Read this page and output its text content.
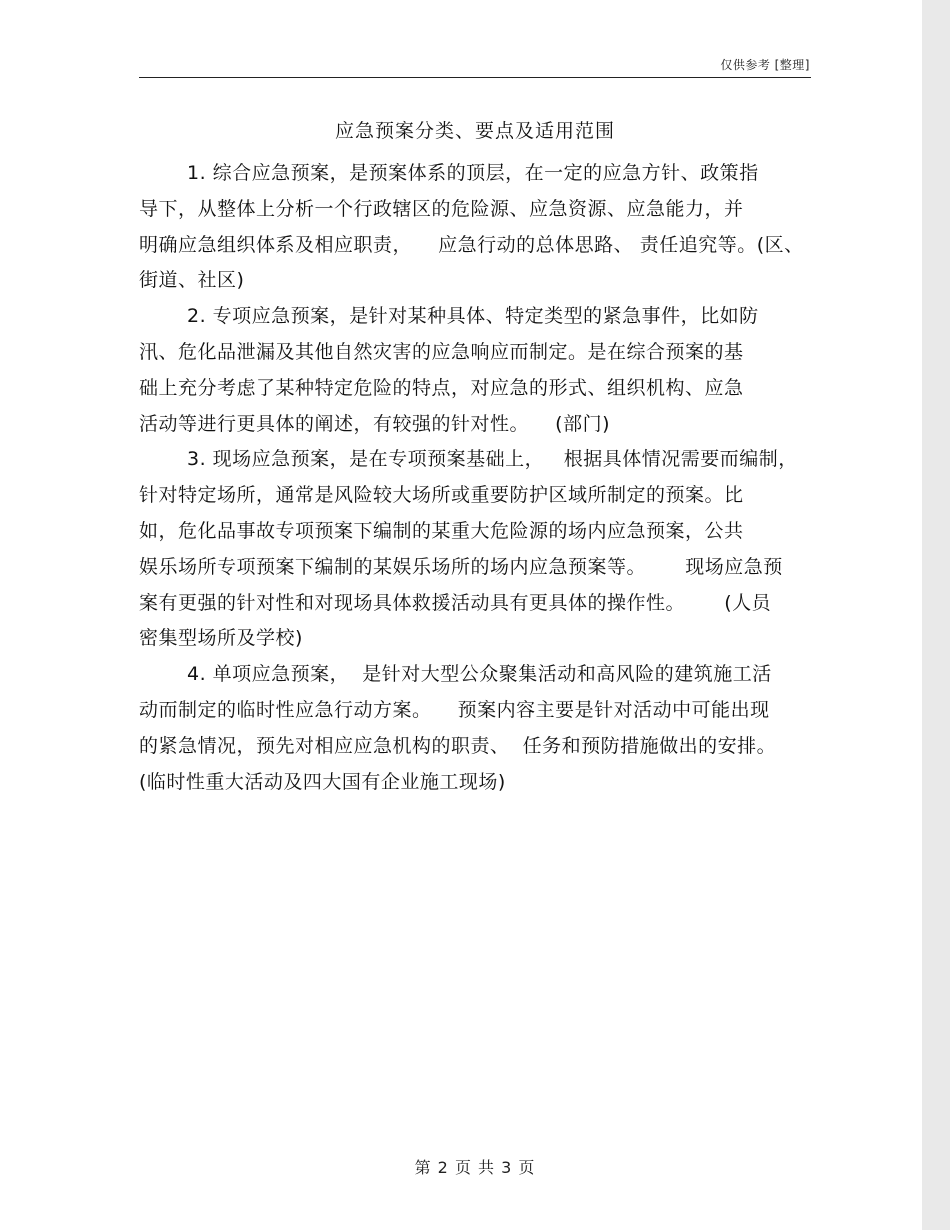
仅供参考 [整理]
应急预案分类、要点及适用范围
1. 综合应急预案，是预案体系的顶层，在一定的应急方针、政策指
导下，从整体上分析一个行政辖区的危险源、应急资源、应急能力，并
明确应急组织体系及相应职责，    应急行动的总体思路、 责任追究等。(区、
街道、社区)
2. 专项应急预案，是针对某种具体、特定类型的紧急事件，比如防
汛、危化品泄漏及其他自然灾害的应急响应而制定。是在综合预案的基
础上充分考虑了某种特定危险的特点，对应急的形式、组织机构、应急
活动等进行更具体的阐述，有较强的针对性。    (部门)
3. 现场应急预案，是在专项预案基础上，   根据具体情况需要而编制，
针对特定场所，通常是风险较大场所或重要防护区域所制定的预案。比
如，危化品事故专项预案下编制的某重大危险源的场内应急预案，公共
娱乐场所专项预案下编制的某娱乐场所的场内应急预案等。      现场应急预
案有更强的针对性和对现场具体救援活动具有更具体的操作性。      (人员
密集型场所及学校)
4. 单项应急预案，  是针对大型公众聚集活动和高风险的建筑施工活
动而制定的临时性应急行动方案。    预案内容主要是针对活动中可能出现
的紧急情况，预先对相应应急机构的职责、  任务和预防措施做出的安排。
(临时性重大活动及四大国有企业施工现场)
第 2 页 共 3 页
